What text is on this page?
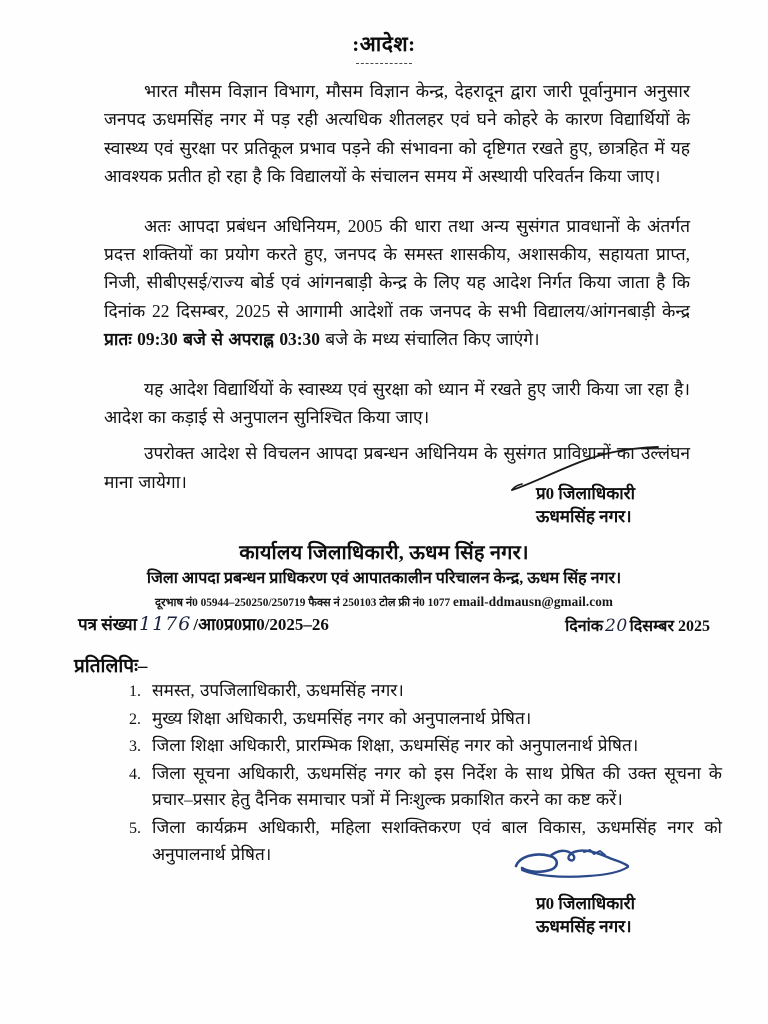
:आदेश:

भारत मौसम विज्ञान विभाग, मौसम विज्ञान केन्द्र, देहरादून द्वारा जारी पूर्वानुमान अनुसार जनपद ऊधमसिंह नगर में पड़ रही अत्यधिक शीतलहर एवं घने कोहरे के कारण विद्यार्थियों के स्वास्थ्य एवं सुरक्षा पर प्रतिकूल प्रभाव पड़ने की संभावना को दृष्टिगत रखते हुए, छात्रहित में यह आवश्यक प्रतीत हो रहा है कि विद्यालयों के संचालन समय में अस्थायी परिवर्तन किया जाए।

अतः आपदा प्रबंधन अधिनियम, 2005 की धारा तथा अन्य सुसंगत प्रावधानों के अंतर्गत प्रदत्त शक्तियों का प्रयोग करते हुए, जनपद के समस्त शासकीय, अशासकीय, सहायता प्राप्त, निजी, सीबीएसई/राज्य बोर्ड एवं आंगनबाड़ी केन्द्र के लिए यह आदेश निर्गत किया जाता है कि दिनांक 22 दिसम्बर, 2025 से आगामी आदेशों तक जनपद के सभी विद्यालय/आंगनबाड़ी केन्द्र प्रातः 09:30 बजे से अपराह्न 03:30 बजे के मध्य संचालित किए जाएंगे।

यह आदेश विद्यार्थियों के स्वास्थ्य एवं सुरक्षा को ध्यान में रखते हुए जारी किया जा रहा है। आदेश का कड़ाई से अनुपालन सुनिश्चित किया जाए।

उपरोक्त आदेश से विचलन आपदा प्रबन्धन अधिनियम के सुसंगत प्राविधानों का उल्लंघन माना जायेगा।

प्र0 जिलाधिकारी
ऊधमसिंह नगर।
कार्यालय जिलाधिकारी, ऊधम सिंह नगर।
जिला आपदा प्रबन्धन प्राधिकरण एवं आपातकालीन परिचालन केन्द्र, ऊधम सिंह नगर।
दूरभाष नं0 05944–250250/250719 फैक्स नं 250103 टोल फ्री नं0 1077 email-ddmausn@gmail.com
पत्र संख्या 1176 /आ0प्र0प्रा0/2025–26	दिनांक 20 दिसम्बर 2025
प्रतिलिपिः–
1. समस्त, उपजिलाधिकारी, ऊधमसिंह नगर।
2. मुख्य शिक्षा अधिकारी, ऊधमसिंह नगर को अनुपालनार्थ प्रेषित।
3. जिला शिक्षा अधिकारी, प्रारम्भिक शिक्षा, ऊधमसिंह नगर को अनुपालनार्थ प्रेषित।
4. जिला सूचना अधिकारी, ऊधमसिंह नगर को इस निर्देश के साथ प्रेषित की उक्त सूचना के प्रचार–प्रसार हेतु दैनिक समाचार पत्रों में निःशुल्क प्रकाशित करने का कष्ट करें।
5. जिला कार्यक्रम अधिकारी, महिला सशक्तिकरण एवं बाल विकास, ऊधमसिंह नगर को अनुपालनार्थ प्रेषित।
प्र0 जिलाधिकारी
ऊधमसिंह नगर।
